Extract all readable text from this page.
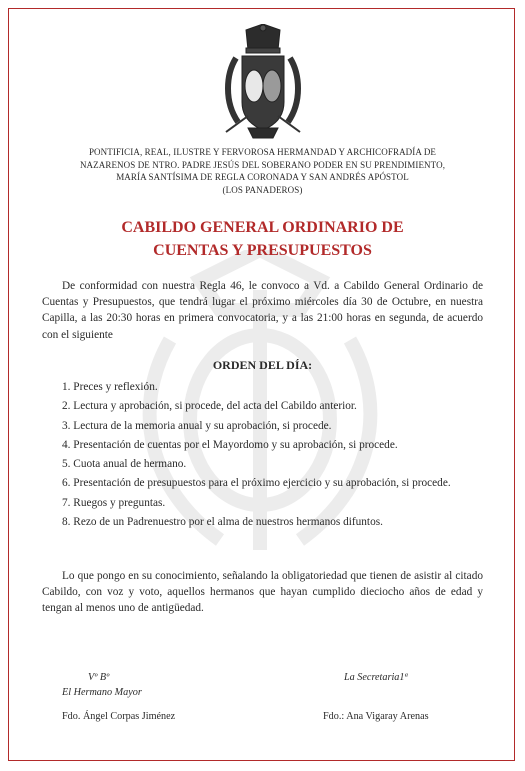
PONTIFICIA, REAL, ILUSTRE Y FERVOROSA HERMANDAD Y ARCHICOFRADÍA DE
NAZARENOS DE NTRO. PADRE JESÚS DEL SOBERANO PODER EN SU PRENDIMIENTO,
MARÍA SANTÍSIMA DE REGLA CORONADA Y SAN ANDRÉS APÓSTOL
(LOS PANADEROS)
CABILDO GENERAL ORDINARIO DE
CUENTAS Y PRESUPUESTOS
De conformidad con nuestra Regla 46, le convoco a Vd. a Cabildo General Ordinario de Cuentas y Presupuestos, que tendrá lugar el próximo miércoles día 30 de Octubre, en nuestra Capilla, a las 20:30 horas en primera convocatoria, y a las 21:00 horas en segunda, de acuerdo con el siguiente
ORDEN DEL DÍA:
1. Preces y reflexión.
2. Lectura y aprobación, si procede, del acta del Cabildo anterior.
3. Lectura de la memoria anual y su aprobación, si procede.
4. Presentación de cuentas por el Mayordomo y su aprobación, si procede.
5. Cuota anual de hermano.
6. Presentación de presupuestos para el próximo ejercicio y su aprobación, si procede.
7. Ruegos y preguntas.
8. Rezo de un Padrenuestro por el alma de nuestros hermanos difuntos.
Lo que pongo en su conocimiento, señalando la obligatoriedad que tienen de asistir al citado Cabildo, con voz y voto, aquellos hermanos que hayan cumplido dieciocho años de edad y tengan al menos uno de antigüedad.
Vº Bº
El Hermano Mayor
Fdo. Ángel Corpas Jiménez
La Secretaria1ª
Fdo.: Ana Vigaray Arenas
